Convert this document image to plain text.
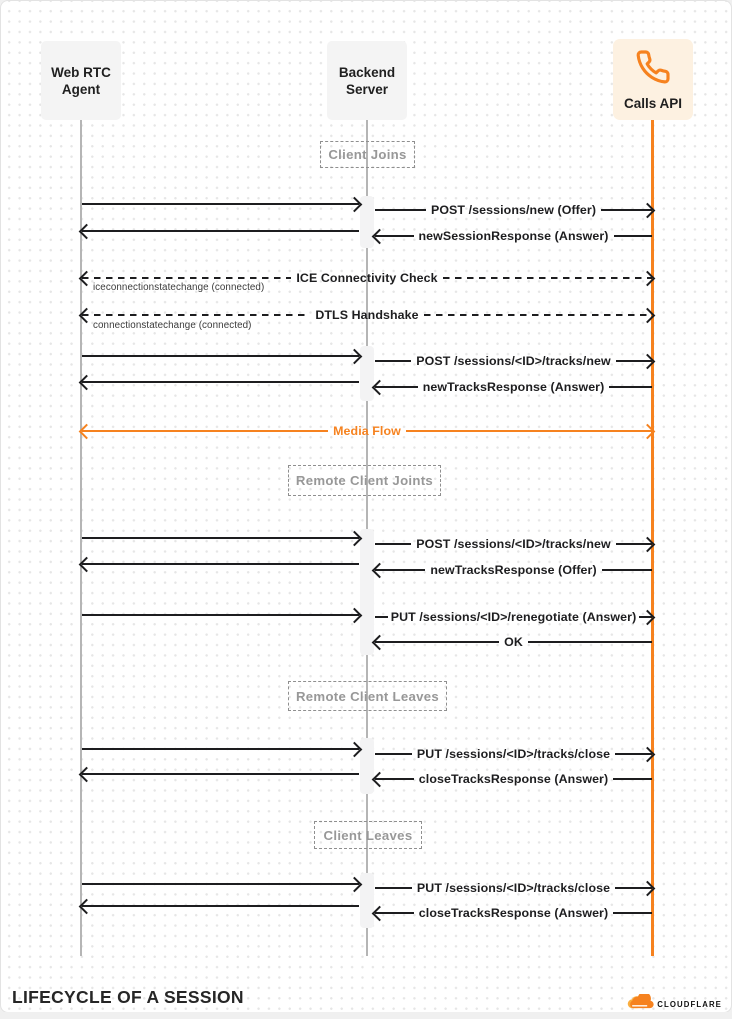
Web RTC
Agent
Backend
Server
Calls API
Client Joins
Remote Client Joints
Remote Client Leaves
Client Leaves
POST /sessions/new (Offer)
newSessionResponse (Answer)
ICE Connectivity Check
iceconnectionstatechange (connected)
DTLS Handshake
connectionstatechange (connected)
POST /sessions/<ID>/tracks/new
newTracksResponse (Answer)
Media Flow
POST /sessions/<ID>/tracks/new
newTracksResponse (Offer)
PUT /sessions/<ID>/renegotiate (Answer)
OK
PUT /sessions/<ID>/tracks/close
closeTracksResponse (Answer)
PUT /sessions/<ID>/tracks/close
closeTracksResponse (Answer)
LIFECYCLE OF A SESSION	CLOUDFLARE
